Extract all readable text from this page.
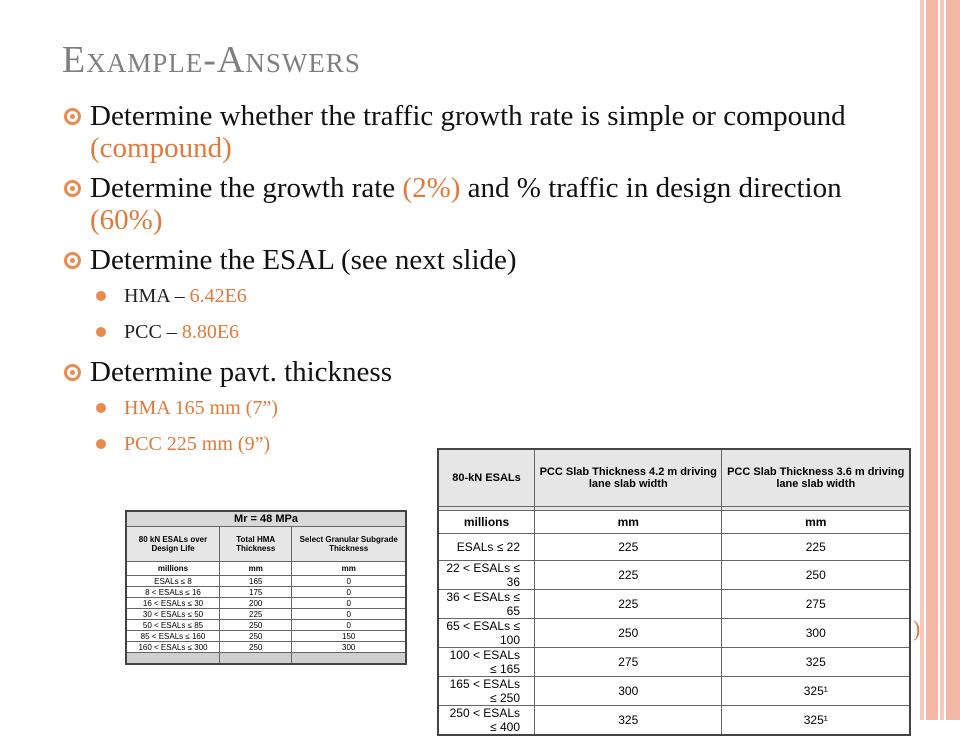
Example-Answers
Determine whether the traffic growth rate is simple or compound (compound)
Determine the growth rate (2%) and % traffic in design direction (60%)
Determine the ESAL (see next slide)
HMA – 6.42E6
PCC – 8.80E6
Determine pavt. thickness
HMA 165 mm (7”)
PCC 225 mm (9”)
Mr = 48 MPa		
80 kN ESALs over Design Life	Total HMA Thickness	Select Granular Subgrade Thickness
millions	mm	mm
ESALs ≤ 8	165	0
8 < ESALs ≤ 16	175	0
16 < ESALs ≤ 30	200	0
30 < ESALs ≤ 50	225	0
50 < ESALs ≤ 85	250	0
85 < ESALs ≤ 160	250	150
160 < ESALs ≤ 300	250	300

)
80-kN ESALs	PCC Slab Thickness 4.2 m driving lane slab width	PCC Slab Thickness 3.6 m driving lane slab width

millions	mm	mm
ESALs ≤ 22	225	225
22 < ESALs ≤ 36	225	250
36 < ESALs ≤ 65	225	275
65 < ESALs ≤ 100	250	300
100 < ESALs ≤ 165	275	325
165 < ESALs ≤ 250	300	325¹
250 < ESALs ≤ 400	325	325¹
